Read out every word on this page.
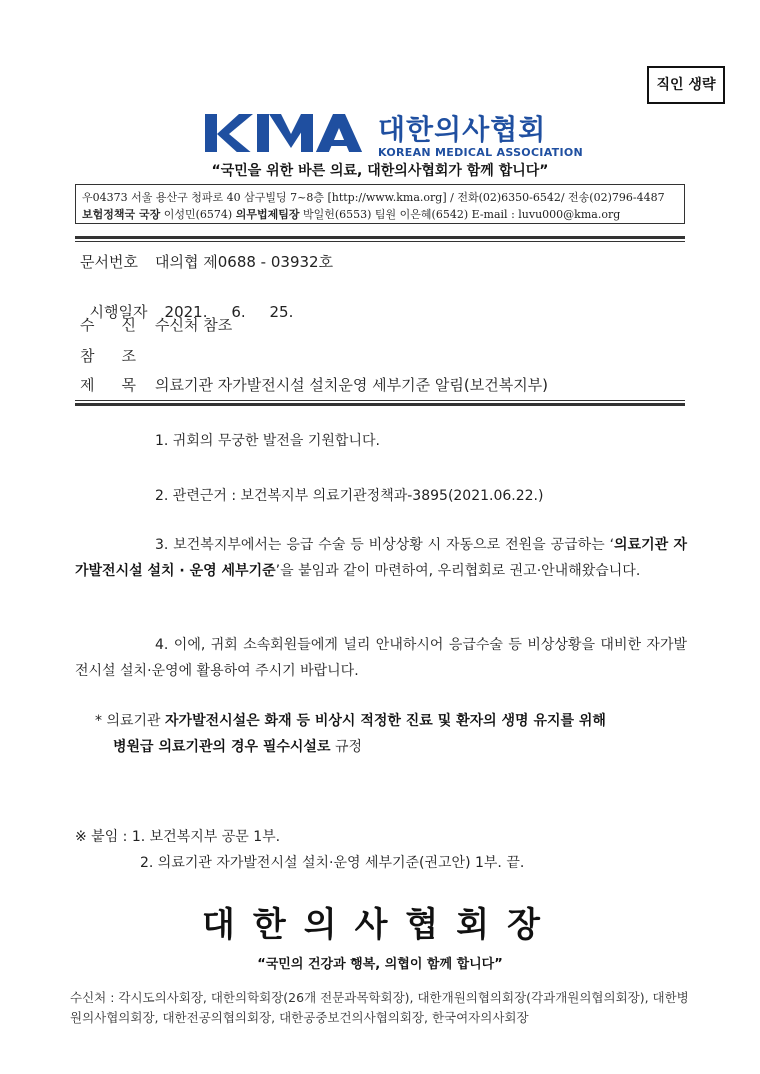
직인 생략
대한의사협회
KOREAN MEDICAL ASSOCIATION
“국민을 위한 바른 의료, 대한의사협회가 함께 합니다”
우04373 서울 용산구 청파로 40 삼구빌딩 7~8층 [http://www.kma.org] / 전화(02)6350-6542/ 전송(02)796-4487
보험정책국 국장 이성민(6574) 의무법제팀장 박일헌(6553) 팀원 이은혜(6542) E-mail : luvu000@kma.org
문서번호 대의협 제0688 - 03932호

시행일자 2021.     6.     25.

수 신 수신처 참조
참 조
제 목 의료기관 자가발전시설 설치운영 세부기준 알림(보건복지부)
1. 귀회의 무궁한 발전을 기원합니다.
2. 관련근거 : 보건복지부 의료기관정책과-3895(2021.06.22.)
3. 보건복지부에서는 응급 수술 등 비상상황 시 자동으로 전원을 공급하는 ‘의료기관 자가발전시설 설치 · 운영 세부기준’을 붙임과 같이 마련하여, 우리협회로 권고·안내해왔습니다.
4. 이에, 귀회 소속회원들에게 널리 안내하시어 응급수술 등 비상상황을 대비한 자가발전시설 설치·운영에 활용하여 주시기 바랍니다.
* 의료기관 자가발전시설은 화재 등 비상시 적정한 진료 및 환자의 생명 유지를 위해
병원급 의료기관의 경우 필수시설로 규정
※ 붙임 : 1. 보건복지부 공문 1부.
2. 의료기관 자가발전시설 설치·운영 세부기준(권고안) 1부. 끝.
대한의사협회장
“국민의 건강과 행복, 의협이 함께 합니다”
수신처 : 각시도의사회장, 대한의학회장(26개 전문과목학회장), 대한개원의협의회장(각과개원의협의회장), 대한병원의사협의회장, 대한전공의협의회장, 대한공중보건의사협의회장, 한국여자의사회장
